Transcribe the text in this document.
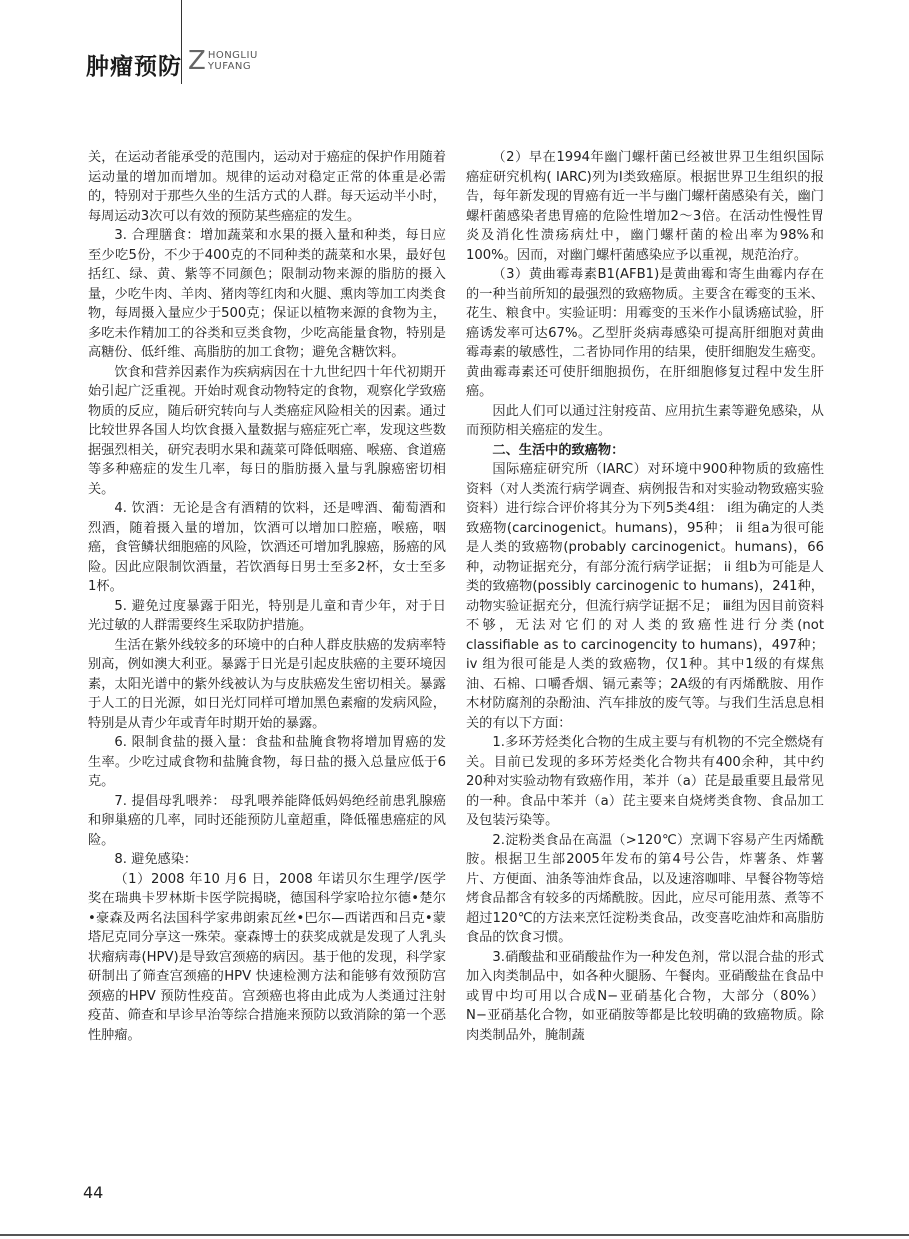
肿瘤预防 Z HONGLIU
YUFANG

关，在运动者能承受的范围内，运动对于癌症的保护作用随着运动量的增加而增加。规律的运动对稳定正常的体重是必需的，特别对于那些久坐的生活方式的人群。每天运动半小时，每周运动3次可以有效的预防某些癌症的发生。

3. 合理膳食：增加蔬菜和水果的摄入量和种类，每日应至少吃5份，不少于400克的不同种类的蔬菜和水果，最好包括红、绿、黄、紫等不同颜色；限制动物来源的脂肪的摄入量，少吃牛肉、羊肉、猪肉等红肉和火腿、熏肉等加工肉类食物，每周摄入量应少于500克；保证以植物来源的食物为主，多吃未作精加工的谷类和豆类食物，少吃高能量食物，特别是高糖份、低纤维、高脂肪的加工食物；避免含糖饮料。

饮食和营养因素作为疾病病因在十九世纪四十年代初期开始引起广泛重视。开始时观食动物特定的食物，观察化学致癌物质的反应，随后研究转向与人类癌症风险相关的因素。通过比较世界各国人均饮食摄入量数据与癌症死亡率，发现这些数据强烈相关，研究表明水果和蔬菜可降低咽癌、喉癌、食道癌等多种癌症的发生几率，每日的脂肪摄入量与乳腺癌密切相关。

4. 饮酒：无论是含有酒精的饮料，还是啤酒、葡萄酒和烈酒，随着摄入量的增加，饮酒可以增加口腔癌，喉癌，咽癌，食管鳞状细胞癌的风险，饮酒还可增加乳腺癌，肠癌的风险。因此应限制饮酒量，若饮酒每日男士至多2杯，女士至多1杯。

5. 避免过度暴露于阳光，特别是儿童和青少年，对于日光过敏的人群需要终生采取防护措施。

生活在紫外线较多的环境中的白种人群皮肤癌的发病率特别高，例如澳大利亚。暴露于日光是引起皮肤癌的主要环境因素，太阳光谱中的紫外线被认为与皮肤癌发生密切相关。暴露于人工的日光源，如日光灯同样可增加黑色素瘤的发病风险，特别是从青少年或青年时期开始的暴露。

6. 限制食盐的摄入量：食盐和盐腌食物将增加胃癌的发生率。少吃过咸食物和盐腌食物，每日盐的摄入总量应低于6克。

7. 提倡母乳喂养： 母乳喂养能降低妈妈绝经前患乳腺癌和卵巢癌的几率，同时还能预防儿童超重，降低罹患癌症的风险。

8. 避免感染：

（1）2008 年10 月6 日，2008 年诺贝尔生理学/医学奖在瑞典卡罗林斯卡医学院揭晓，德国科学家哈拉尔德•楚尔•豪森及两名法国科学家弗朗索瓦丝•巴尔—西诺西和吕克•蒙塔尼克同分享这一殊荣。豪森博士的获奖成就是发现了人乳头状瘤病毒(HPV)是导致宫颈癌的病因。基于他的发现，科学家研制出了筛查宫颈癌的HPV 快速检测方法和能够有效预防宫颈癌的HPV 预防性疫苗。宫颈癌也将由此成为人类通过注射疫苗、筛查和早诊早治等综合措施来预防以致消除的第一个恶性肿瘤。

（2）早在1994年幽门螺杆菌已经被世界卫生组织国际癌症研究机构( IARC)列为Ⅰ类致癌原。根据世界卫生组织的报告，每年新发现的胃癌有近一半与幽门螺杆菌感染有关，幽门螺杆菌感染者患胃癌的危险性增加2～3倍。在活动性慢性胃炎及消化性溃疡病灶中，幽门螺杆菌的检出率为98%和100%。因而，对幽门螺杆菌感染应予以重视，规范治疗。

（3）黄曲霉毒素B1(AFB1)是黄曲霉和寄生曲霉内存在的一种当前所知的最强烈的致癌物质。主要含在霉变的玉米、花生、粮食中。实验证明：用霉变的玉米作小鼠诱癌试验，肝癌诱发率可达67%。乙型肝炎病毒感染可提高肝细胞对黄曲霉毒素的敏感性，二者协同作用的结果，使肝细胞发生癌变。黄曲霉毒素还可使肝细胞损伤，在肝细胞修复过程中发生肝癌。

因此人们可以通过注射疫苗、应用抗生素等避免感染，从而预防相关癌症的发生。

二、生活中的致癌物：

国际癌症研究所（IARC）对环境中900种物质的致癌性资料（对人类流行病学调查、病例报告和对实验动物致癌实验资料）进行综合评价将其分为下列5类4组： i组为确定的人类致癌物(carcinogenict。humans)，95种； ii 组a为很可能是人类的致癌物(probably carcinogenict。humans)，66种，动物证据充分，有部分流行病学证据； ii 组b为可能是人类的致癌物(possibly carcinogenic to humans)，241种，动物实验证据充分，但流行病学证据不足； ⅲ组为因目前资料不够，无法对它们的对人类的致癌性进行分类(not classifiable as to carcinogencity to humans)，497种； iv 组为很可能是人类的致癌物，仅1种。其中1级的有煤焦油、石棉、口嚼香烟、镉元素等；2A级的有丙烯酰胺、用作木材防腐剂的杂酚油、汽车排放的废气等。与我们生活息息相关的有以下方面：

1.多环芳烃类化合物的生成主要与有机物的不完全燃烧有关。目前已发现的多环芳烃类化合物共有400余种，其中约20种对实验动物有致癌作用，苯并（a）芘是最重要且最常见的一种。食品中苯并（a）芘主要来自烧烤类食物、食品加工及包装污染等。

2.淀粉类食品在高温（>120℃）烹调下容易产生丙烯酰胺。根据卫生部2005年发布的第4号公告，炸薯条、炸薯片、方便面、油条等油炸食品，以及速溶咖啡、早餐谷物等焙烤食品都含有较多的丙烯酰胺。因此，应尽可能用蒸、煮等不超过120℃的方法来烹饪淀粉类食品，改变喜吃油炸和高脂肪食品的饮食习惯。

3.硝酸盐和亚硝酸盐作为一种发色剂，常以混合盐的形式加入肉类制品中，如各种火腿肠、午餐肉。亚硝酸盐在食品中或胃中均可用以合成N−亚硝基化合物，大部分（80%）N−亚硝基化合物，如亚硝胺等都是比较明确的致癌物质。除肉类制品外，腌制蔬

44
